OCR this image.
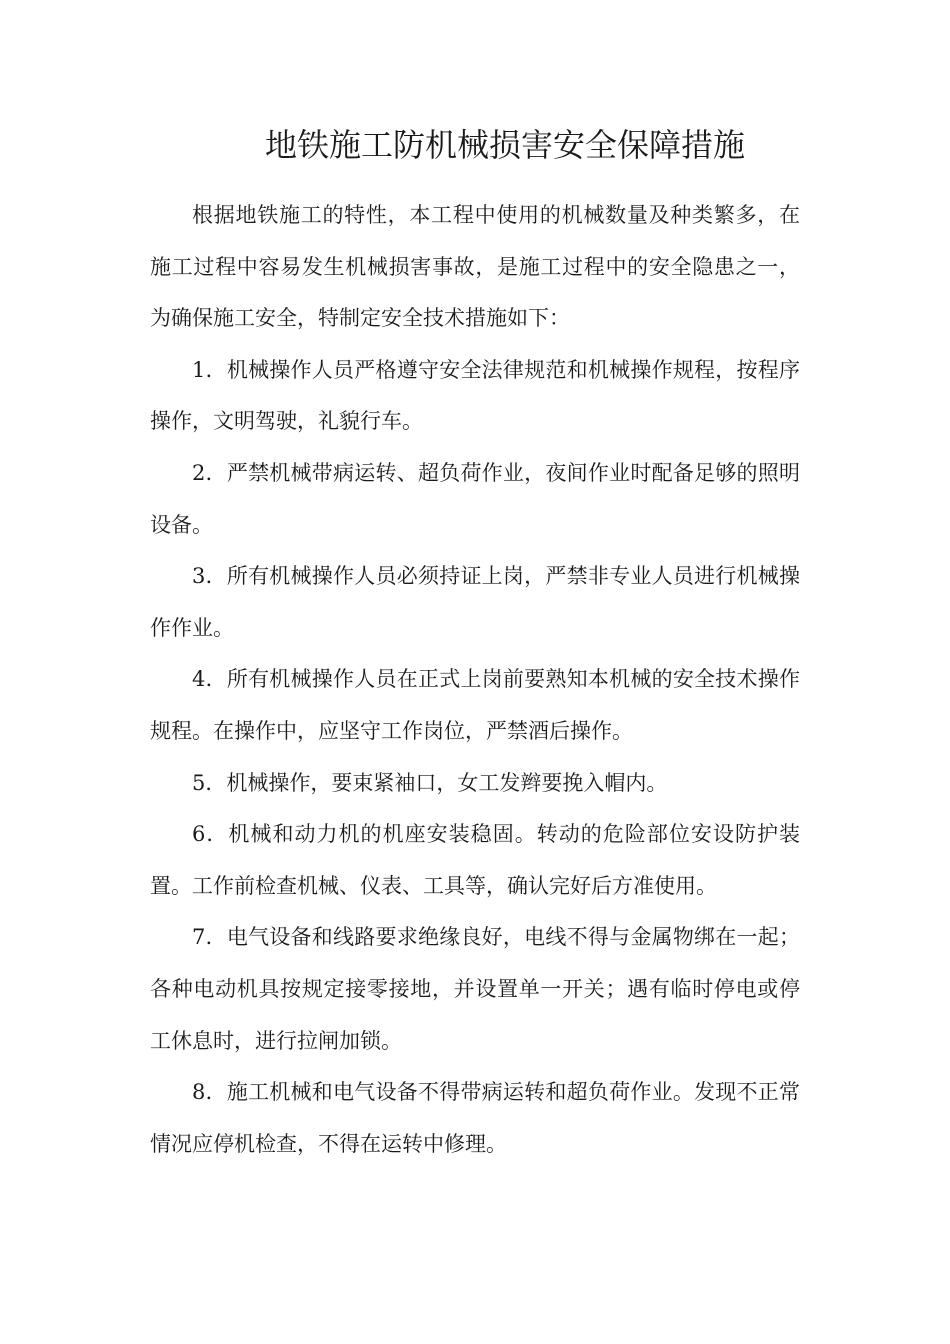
地铁施工防机械损害安全保障措施

根据地铁施工的特性，本工程中使用的机械数量及种类繁多，在施工过程中容易发生机械损害事故，是施工过程中的安全隐患之一，为确保施工安全，特制定安全技术措施如下：

1．机械操作人员严格遵守安全法律规范和机械操作规程，按程序操作，文明驾驶，礼貌行车。

2．严禁机械带病运转、超负荷作业，夜间作业时配备足够的照明设备。

3．所有机械操作人员必须持证上岗，严禁非专业人员进行机械操作作业。

4．所有机械操作人员在正式上岗前要熟知本机械的安全技术操作规程。在操作中，应坚守工作岗位，严禁酒后操作。

5．机械操作，要束紧袖口，女工发辫要挽入帽内。

6．机械和动力机的机座安装稳固。转动的危险部位安设防护装置。工作前检查机械、仪表、工具等，确认完好后方准使用。

7．电气设备和线路要求绝缘良好，电线不得与金属物绑在一起；各种电动机具按规定接零接地，并设置单一开关；遇有临时停电或停工休息时，进行拉闸加锁。

8．施工机械和电气设备不得带病运转和超负荷作业。发现不正常情况应停机检查，不得在运转中修理。
